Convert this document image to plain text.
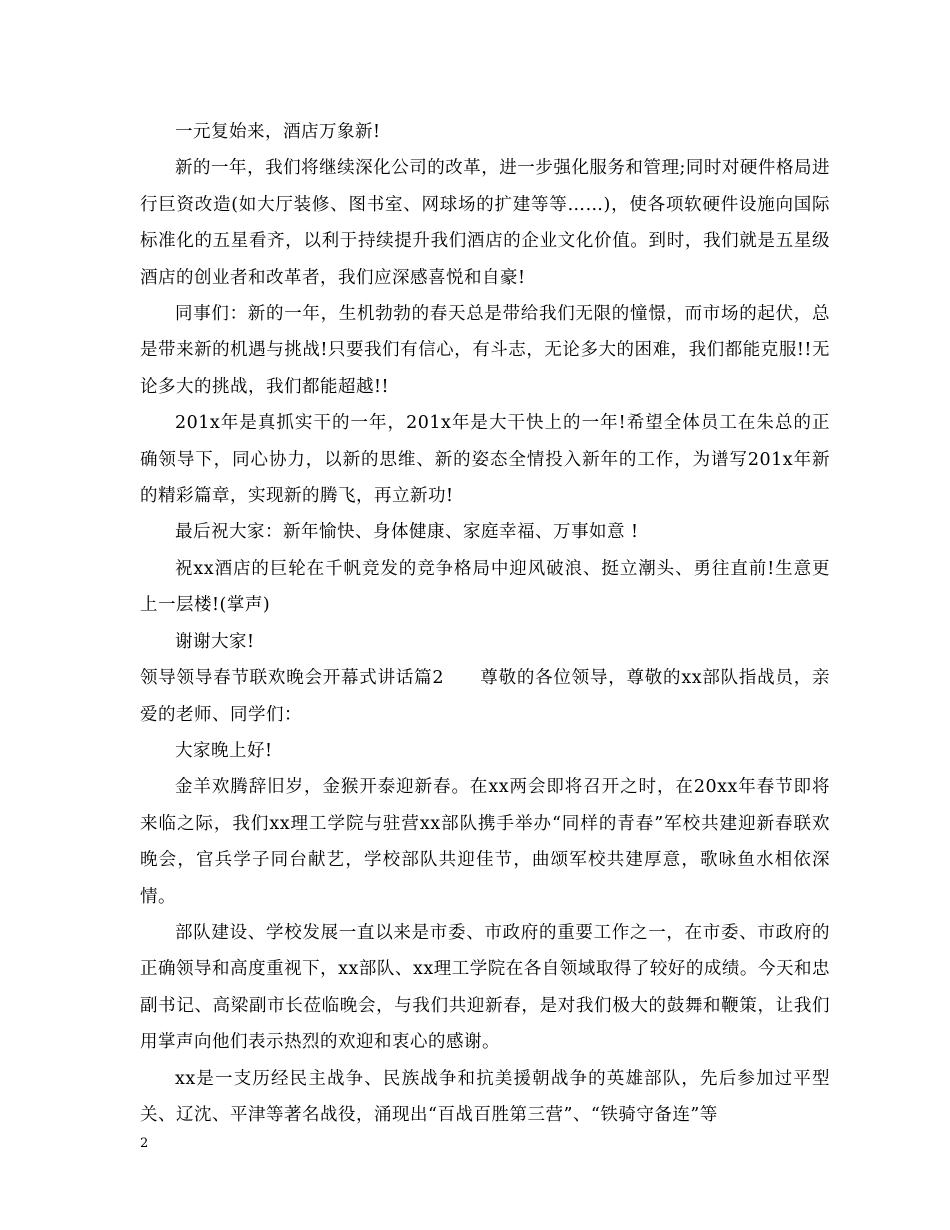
一元复始来，酒店万象新!

新的一年，我们将继续深化公司的改革，进一步强化服务和管理;同时对硬件格局进行巨资改造(如大厅装修、图书室、网球场的扩建等等……)，使各项软硬件设施向国际标准化的五星看齐，以利于持续提升我们酒店的企业文化价值。到时，我们就是五星级酒店的创业者和改革者，我们应深感喜悦和自豪!

同事们：新的一年，生机勃勃的春天总是带给我们无限的憧憬，而市场的起伏，总是带来新的机遇与挑战!只要我们有信心，有斗志，无论多大的困难，我们都能克服!!无论多大的挑战，我们都能超越!!

201x年是真抓实干的一年，201x年是大干快上的一年!希望全体员工在朱总的正确领导下，同心协力，以新的思维、新的姿态全情投入新年的工作，为谱写201x年新的精彩篇章，实现新的腾飞，再立新功!

最后祝大家：新年愉快、身体健康、家庭幸福、万事如意 !

祝xx酒店的巨轮在千帆竞发的竞争格局中迎风破浪、挺立潮头、勇往直前!生意更上一层楼!(掌声)

谢谢大家!

领导领导春节联欢晚会开幕式讲话篇2 尊敬的各位领导，尊敬的xx部队指战员，亲爱的老师、同学们：

大家晚上好!

金羊欢腾辞旧岁，金猴开泰迎新春。在xx两会即将召开之时，在20xx年春节即将来临之际，我们xx理工学院与驻营xx部队携手举办“同样的青春”军校共建迎新春联欢晚会，官兵学子同台献艺，学校部队共迎佳节，曲颂军校共建厚意，歌咏鱼水相依深情。

部队建设、学校发展一直以来是市委、市政府的重要工作之一，在市委、市政府的正确领导和高度重视下，xx部队、xx理工学院在各自领域取得了较好的成绩。今天和忠副书记、高梁副市长莅临晚会，与我们共迎新春，是对我们极大的鼓舞和鞭策，让我们用掌声向他们表示热烈的欢迎和衷心的感谢。

xx是一支历经民主战争、民族战争和抗美援朝战争的英雄部队，先后参加过平型关、辽沈、平津等著名战役，涌现出“百战百胜第三营”、“铁骑守备连”等

2
